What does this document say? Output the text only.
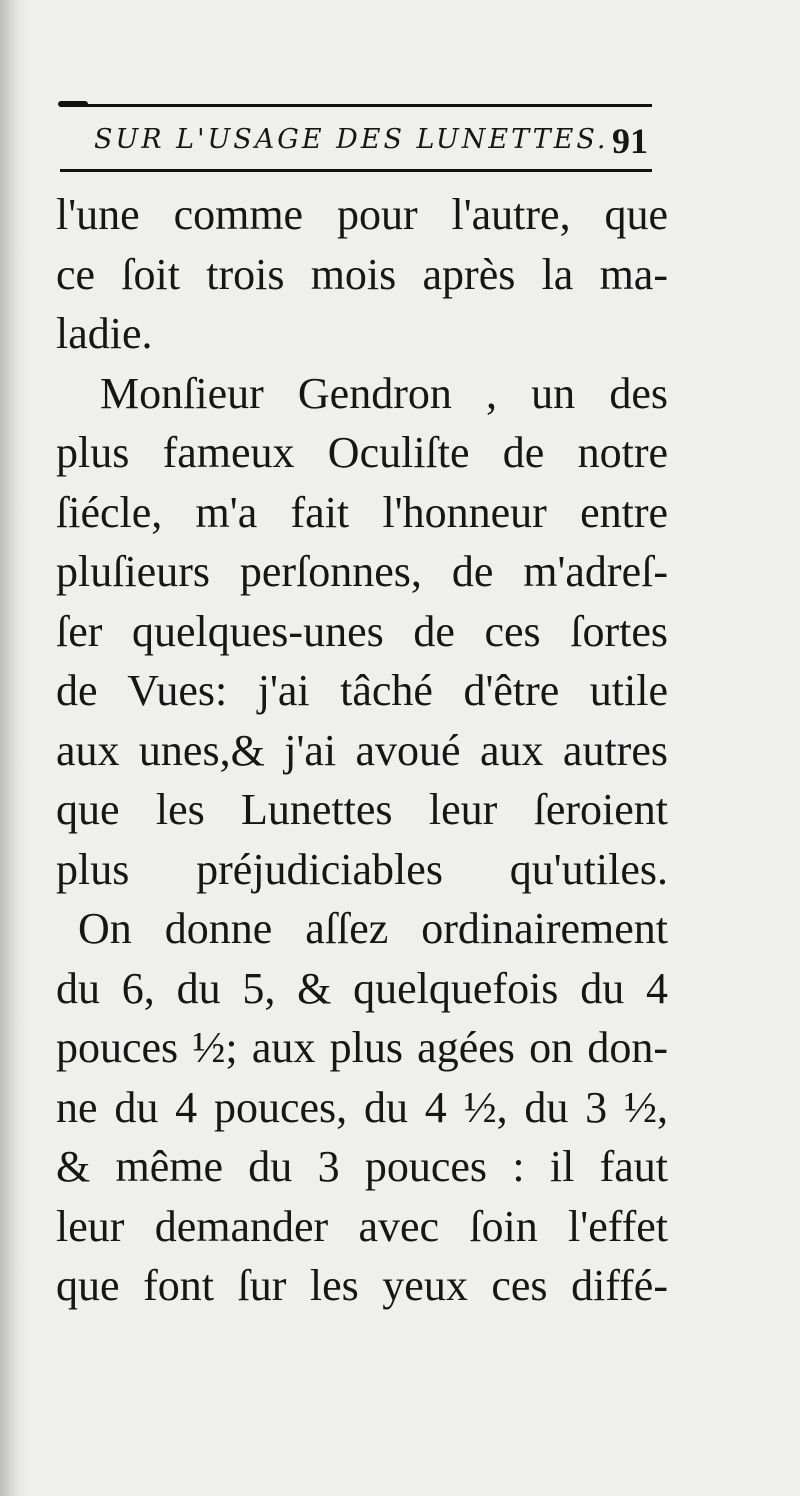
SUR L'USAGE DES LUNETTES. 91
l'une comme pour l'autre, que
ce ſoit trois mois après la ma-
ladie.
Monſieur Gendron , un des
plus fameux Oculiſte de notre
ſiécle, m'a fait l'honneur entre
pluſieurs perſonnes, de m'adreſ-
ſer quelques-unes de ces ſortes
de Vues: j'ai tâché d'être utile
aux unes,& j'ai avoué aux autres
que les Lunettes leur ſeroient
plus préjudiciables qu'utiles.
On donne aſſez ordinairement
du 6, du 5, & quelquefois du 4
pouces ½; aux plus agées on don-
ne du 4 pouces, du 4 ½, du 3 ½,
& même du 3 pouces : il faut
leur demander avec ſoin l'effet
que font ſur les yeux ces diffé-
